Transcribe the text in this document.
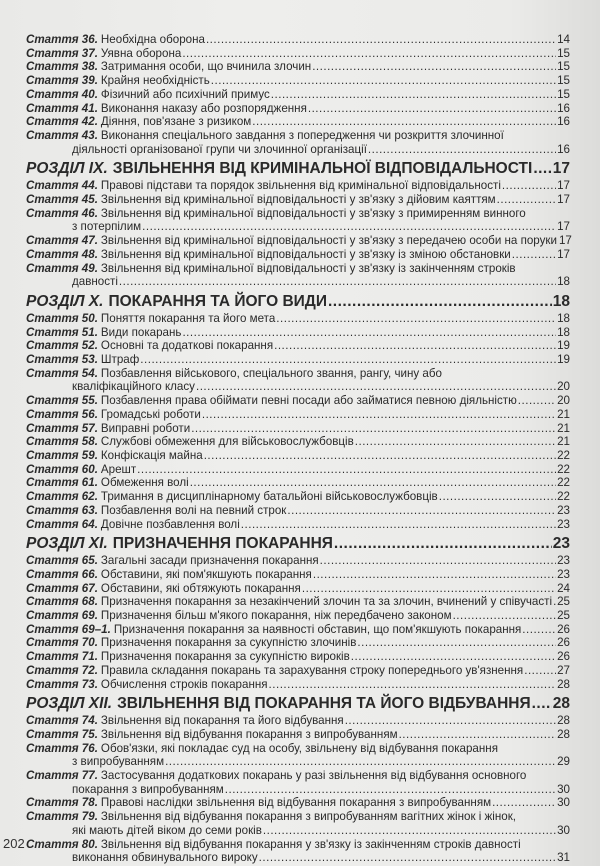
Стаття 36. Необхідна оборона .....	14
Стаття 37. Уявна оборона .....	15
Стаття 38. Затримання особи, що вчинила злочин .....	15
Стаття 39. Крайня необхідність .....	15
Стаття 40. Фізичний або психічний примус .....	15
Стаття 41. Виконання наказу або розпорядження .....	16
Стаття 42. Діяння, пов'язане з ризиком .....	16
Стаття 43. Виконання спеціального завдання з попередження чи розкриття злочинної
діяльності організованої групи чи злочинної організації .....	16
РОЗДІЛ IX. ЗВІЛЬНЕННЯ ВІД КРИМІНАЛЬНОЇ ВІДПОВІДАЛЬНОСТІ ..... 17
Стаття 44. Правові підстави та порядок звільнення від кримінальної відповідальності .....	17
Стаття 45. Звільнення від кримінальної відповідальності у зв'язку з дійовим каяттям .....	17
Стаття 46. Звільнення від кримінальної відповідальності у зв'язку з примиренням винного
з потерпілим .....	17
Стаття 47. Звільнення від кримінальної відповідальності у зв'язку з передачею особи на поруки 17
Стаття 48. Звільнення від кримінальної відповідальності у зв'язку із зміною обстановки .....	17
Стаття 49. Звільнення від кримінальної відповідальності у зв'язку із закінченням строків
давності .....	18
РОЗДІЛ X. ПОКАРАННЯ ТА ЙОГО ВИДИ .....	18
Стаття 50. Поняття покарання та його мета .....	18
Стаття 51. Види покарань .....	18
Стаття 52. Основні та додаткові покарання .....	19
Стаття 53. Штраф .....	19
Стаття 54. Позбавлення військового, спеціального звання, рангу, чину або
кваліфікаційного класу .....	20
Стаття 55. Позбавлення права обіймати певні посади або займатися певною діяльністю .....	20
Стаття 56. Громадські роботи .....	21
Стаття 57. Виправні роботи .....	21
Стаття 58. Службові обмеження для військовослужбовців .....	21
Стаття 59. Конфіскація майна .....	22
Стаття 60. Арешт .....	22
Стаття 61. Обмеження волі .....	22
Стаття 62. Тримання в дисциплінарному батальйоні військовослужбовців .....	22
Стаття 63. Позбавлення волі на певний строк .....	23
Стаття 64. Довічне позбавлення волі .....	23
РОЗДІЛ XI. ПРИЗНАЧЕННЯ ПОКАРАННЯ .....	23
Стаття 65. Загальні засади призначення покарання .....	23
Стаття 66. Обставини, які пом'якшують покарання .....	23
Стаття 67. Обставини, які обтяжують покарання .....	24
Стаття 68. Призначення покарання за незакінчений злочин та за злочин, вчинений у співучасті ..... 25
Стаття 69. Призначення більш м'якого покарання, ніж передбачено законом .....	25
Стаття 69–1. Призначення покарання за наявності обставин, що пом'якшують покарання .....	26
Стаття 70. Призначення покарання за сукупністю злочинів .....	26
Стаття 71. Призначення покарання за сукупністю вироків .....	26
Стаття 72. Правила складання покарань та зарахування строку попереднього ув'язнення .....	27
Стаття 73. Обчислення строків покарання .....	28
РОЗДІЛ XII. ЗВІЛЬНЕННЯ ВІД ПОКАРАННЯ ТА ЙОГО ВІДБУВАННЯ ..... 28
Стаття 74. Звільнення від покарання та його відбування .....	28
Стаття 75. Звільнення від відбування покарання з випробуванням .....	28
Стаття 76. Обов'язки, які покладає суд на особу, звільнену від відбування покарання
з випробуванням .....	29
Стаття 77. Застосування додаткових покарань у разі звільнення від відбування основного
покарання з випробуванням .....	30
Стаття 78. Правові наслідки звільнення від відбування покарання з випробуванням .....	30
Стаття 79. Звільнення від відбування покарання з випробуванням вагітних жінок і жінок,
які мають дітей віком до семи років .....	30
Стаття 80. Звільнення від відбування покарання у зв'язку із закінченням строків давності
виконання обвинувального вироку .....	31
202
